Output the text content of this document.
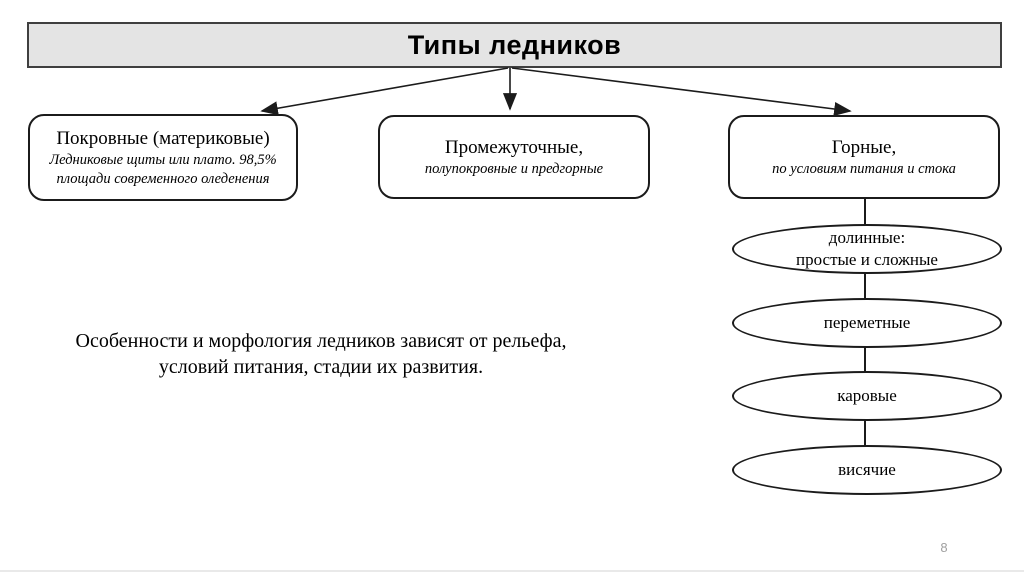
Типы ледников
Покровные (материковые)
Ледниковые щиты или плато. 98,5%
площади современного оледенения
Промежуточные,
полупокровные и предгорные
Горные,
по условиям питания и стока
долинные:
простые и сложные
переметные
каровые
висячие
Особенности и морфология ледников зависят от рельефа,
условий питания, стадии их развития.
8
